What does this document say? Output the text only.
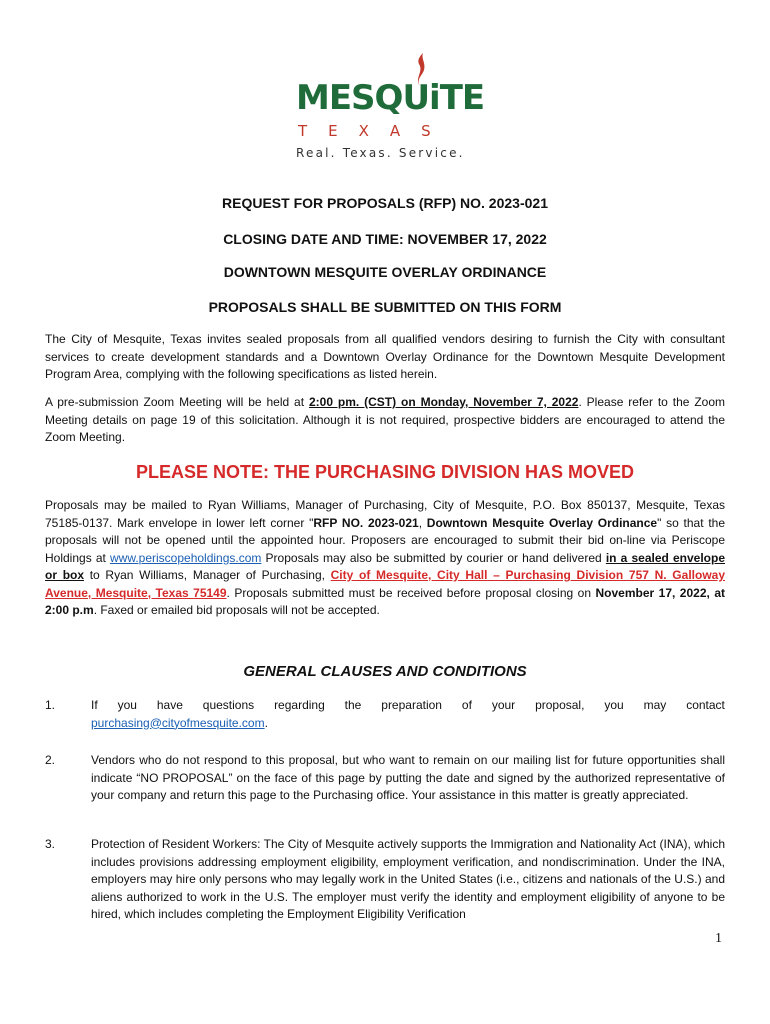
MESQUiTE
TEXAS
Real. Texas. Service.
REQUEST FOR PROPOSALS (RFP) NO. 2023-021
CLOSING DATE AND TIME: NOVEMBER 17, 2022
DOWNTOWN MESQUITE OVERLAY ORDINANCE
PROPOSALS SHALL BE SUBMITTED ON THIS FORM
The City of Mesquite, Texas invites sealed proposals from all qualified vendors desiring to furnish the City with consultant services to create development standards and a Downtown Overlay Ordinance for the Downtown Mesquite Development Program Area, complying with the following specifications as listed herein.
A pre-submission Zoom Meeting will be held at 2:00 pm. (CST) on Monday, November 7, 2022. Please refer to the Zoom Meeting details on page 19 of this solicitation. Although it is not required, prospective bidders are encouraged to attend the Zoom Meeting.
PLEASE NOTE: THE PURCHASING DIVISION HAS MOVED
Proposals may be mailed to Ryan Williams, Manager of Purchasing, City of Mesquite, P.O. Box 850137, Mesquite, Texas 75185-0137. Mark envelope in lower left corner "RFP NO. 2023-021, Downtown Mesquite Overlay Ordinance" so that the proposals will not be opened until the appointed hour. Proposers are encouraged to submit their bid on-line via Periscope Holdings at www.periscopeholdings.com Proposals may also be submitted by courier or hand delivered in a sealed envelope or box to Ryan Williams, Manager of Purchasing, City of Mesquite, City Hall – Purchasing Division 757 N. Galloway Avenue, Mesquite, Texas 75149. Proposals submitted must be received before proposal closing on November 17, 2022, at 2:00 p.m. Faxed or emailed bid proposals will not be accepted.
GENERAL CLAUSES AND CONDITIONS
1.	If you have questions regarding the preparation of your proposal, you may contact
purchasing@cityofmesquite.com.
2.	Vendors who do not respond to this proposal, but who want to remain on our mailing list for future opportunities shall indicate “NO PROPOSAL” on the face of this page by putting the date and signed by the authorized representative of your company and return this page to the Purchasing office. Your assistance in this matter is greatly appreciated.
3.	Protection of Resident Workers: The City of Mesquite actively supports the Immigration and Nationality Act (INA), which includes provisions addressing employment eligibility, employment verification, and nondiscrimination. Under the INA, employers may hire only persons who may legally work in the United States (i.e., citizens and nationals of the U.S.) and aliens authorized to work in the U.S. The employer must verify the identity and employment eligibility of anyone to be hired, which includes completing the Employment Eligibility Verification
1
